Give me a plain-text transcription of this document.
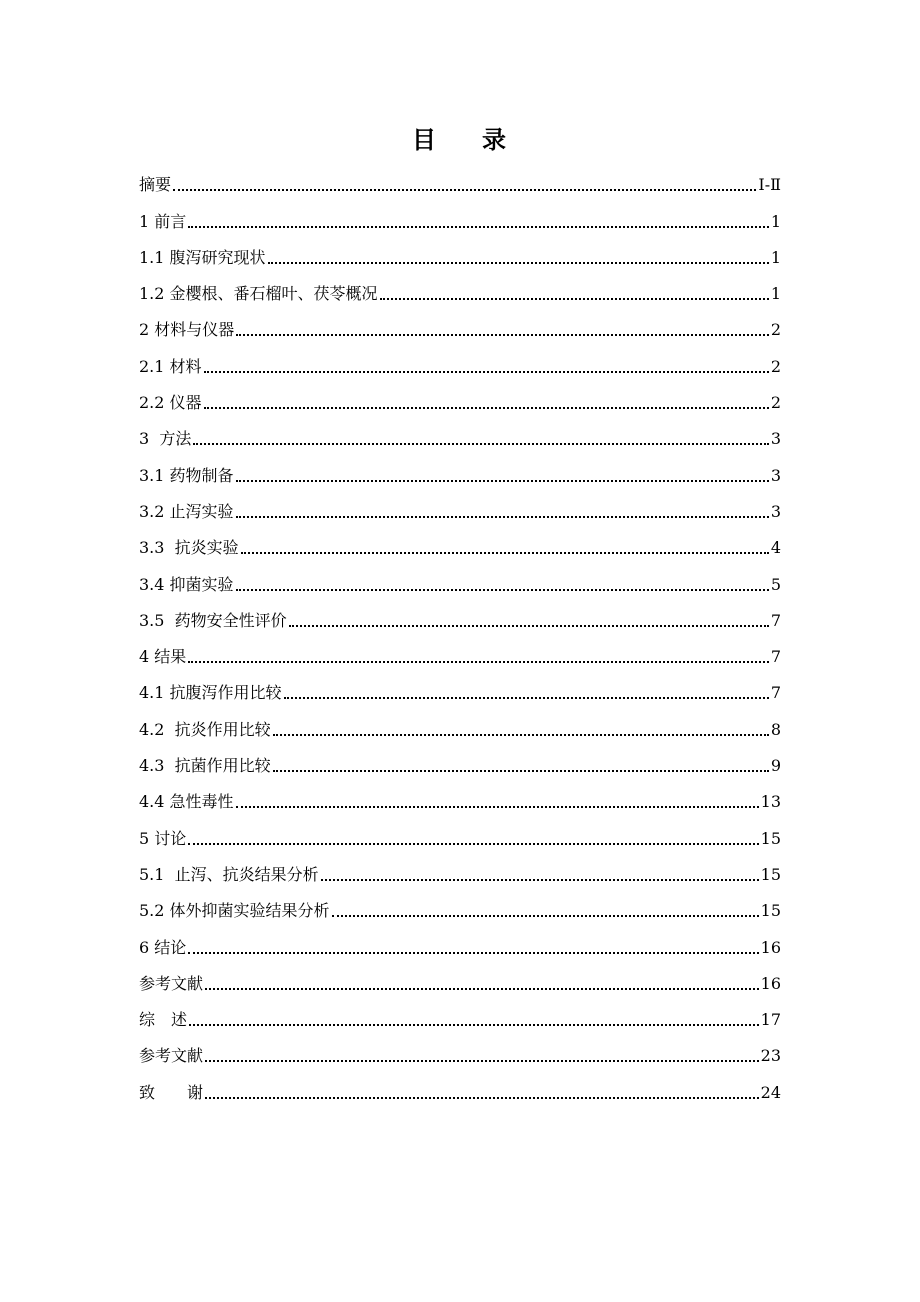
目 录
摘要	Ⅰ-Ⅱ
1 前言	1
1.1 腹泻研究现状	1
1.2 金樱根、番石榴叶、茯苓概况	1
2 材料与仪器	2
2.1 材料	2
2.2 仪器	2
3  方法	3
3.1 药物制备	3
3.2 止泻实验	3
3.3  抗炎实验	4
3.4 抑菌实验	5
3.5  药物安全性评价	7
4 结果	7
4.1 抗腹泻作用比较	7
4.2  抗炎作用比较	8
4.3  抗菌作用比较	9
4.4 急性毒性	13
5 讨论	15
5.1  止泻、抗炎结果分析	15
5.2 体外抑菌实验结果分析	15
6 结论	16
参考文献	16
综　述	17
参考文献	23
致　　谢	24
